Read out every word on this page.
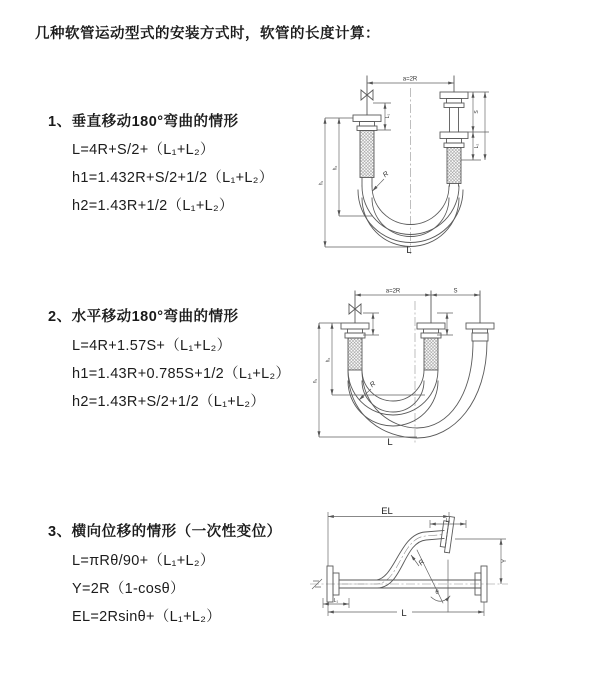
几种软管运动型式的安装方式时，软管的长度计算：
1、垂直移动180°弯曲的情形
L=4R+S/2+（L₁+L₂）
h1=1.432R+S/2+1/2（L₁+L₂）
h2=1.43R+1/2（L₁+L₂）
a=2R
h₁
h₂
L₁
S
L₂
R
L
2、水平移动180°弯曲的情形
L=4R+1.57S+（L₁+L₂）
h1=1.43R+0.785S+1/2（L₁+L₂）
h2=1.43R+S/2+1/2（L₁+L₂）
a=2R	S
h₁
h₂
R
L
3、横向位移的情形（一次性变位）
L=πRθ/90+（L₁+L₂）
Y=2R（1-cosθ）
EL=2Rsinθ+（L₁+L₂）
EL
L₂
Y
R
θ
L
L₁
